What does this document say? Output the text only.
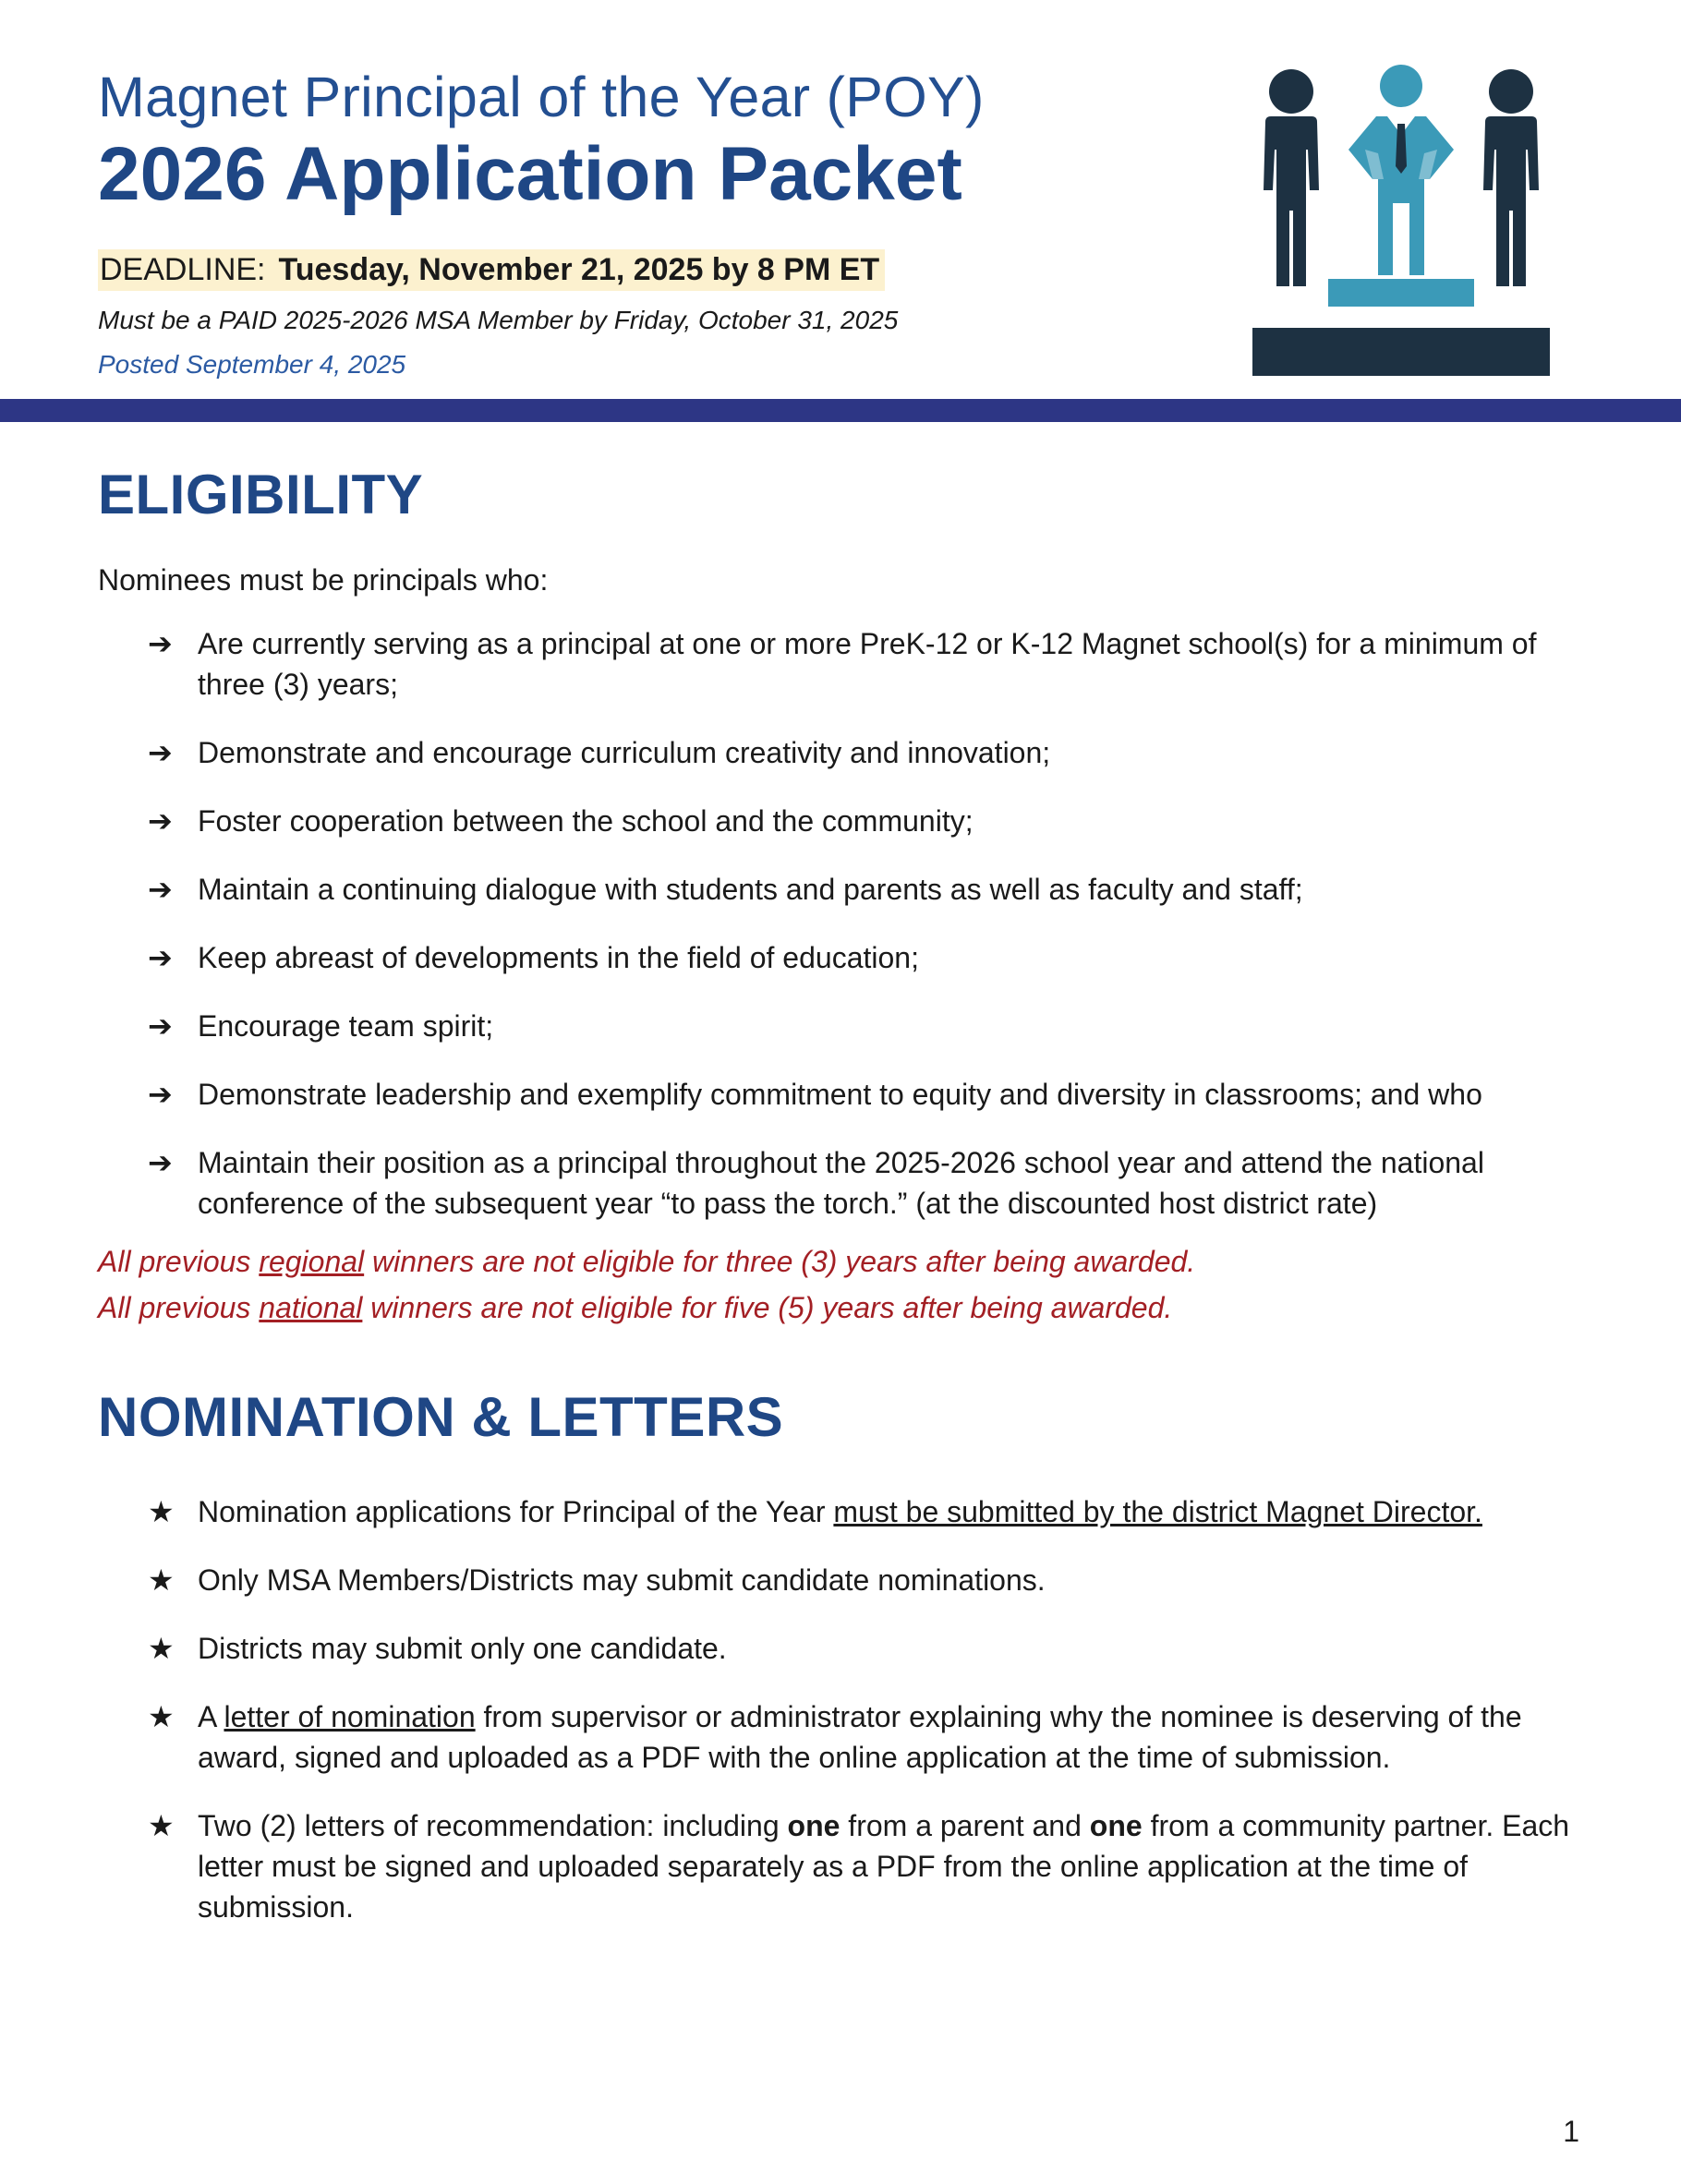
Magnet Principal of the Year (POY)
2026 Application Packet
DEADLINE: Tuesday, November 21, 2025 by 8 PM ET
Must be a PAID 2025-2026 MSA Member by Friday, October 31, 2025
Posted September 4, 2025
ELIGIBILITY
Nominees must be principals who:
➔ Are currently serving as a principal at one or more PreK-12 or K-12 Magnet school(s) for a minimum of three (3) years;
➔ Demonstrate and encourage curriculum creativity and innovation;
➔ Foster cooperation between the school and the community;
➔ Maintain a continuing dialogue with students and parents as well as faculty and staff;
➔ Keep abreast of developments in the field of education;
➔ Encourage team spirit;
➔ Demonstrate leadership and exemplify commitment to equity and diversity in classrooms; and who
➔ Maintain their position as a principal throughout the 2025-2026 school year and attend the national conference of the subsequent year “to pass the torch.” (at the discounted host district rate)
All previous regional winners are not eligible for three (3) years after being awarded.
All previous national winners are not eligible for five (5) years after being awarded.
NOMINATION & LETTERS
★ Nomination applications for Principal of the Year must be submitted by the district Magnet Director.
★ Only MSA Members/Districts may submit candidate nominations.
★ Districts may submit only one candidate.
★ A letter of nomination from supervisor or administrator explaining why the nominee is deserving of the award, signed and uploaded as a PDF with the online application at the time of submission.
★ Two (2) letters of recommendation: including one from a parent and one from a community partner. Each letter must be signed and uploaded separately as a PDF from the online application at the time of submission.
1
